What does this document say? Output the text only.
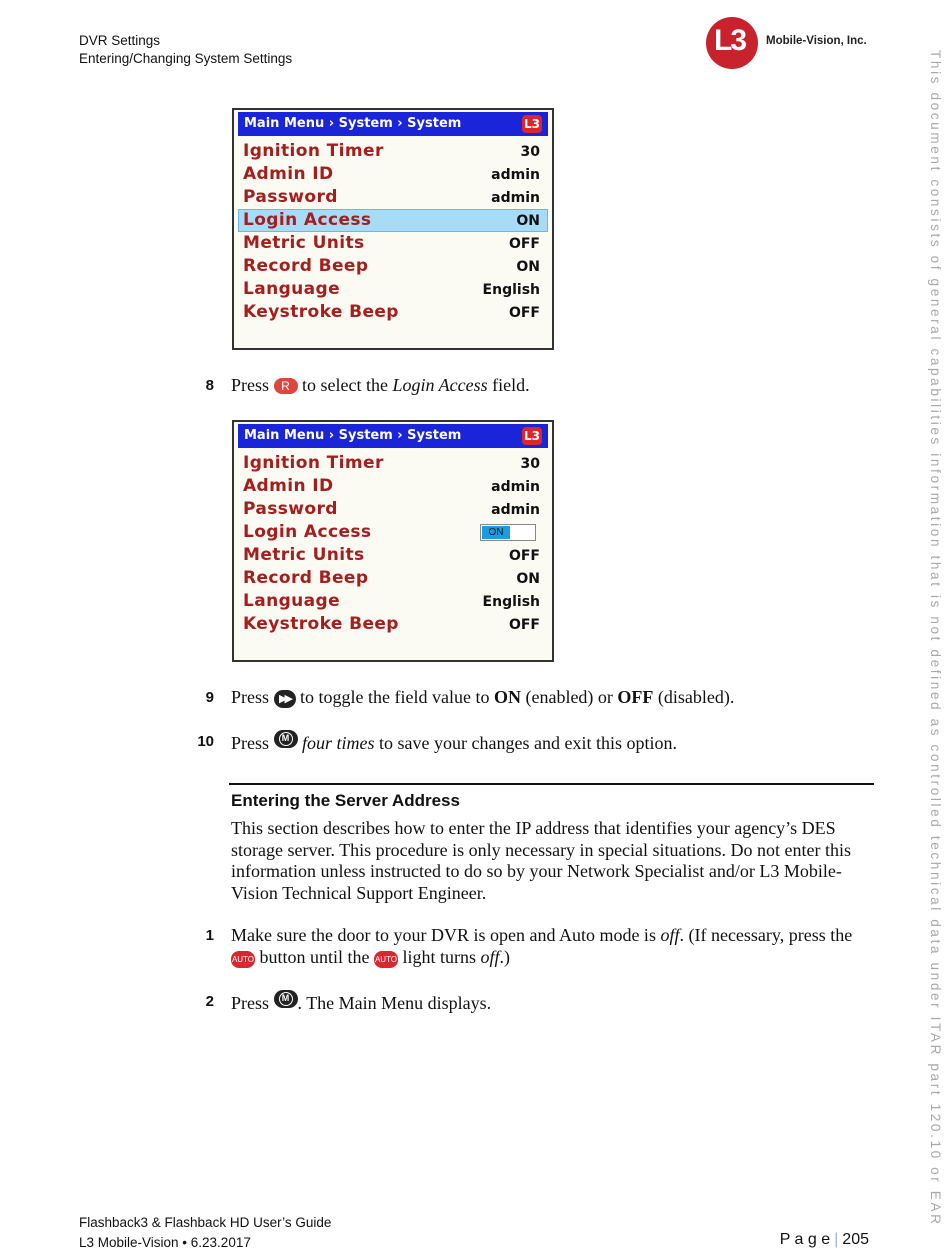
DVR Settings
Entering/Changing System Settings
L3 Mobile-Vision, Inc.
This document consists of general capabilities information that is not defined as controlled technical data under ITAR part 120.10 or EAR
Main Menu › System › System	L3
Ignition Timer	30
Admin ID	admin
Password	admin
Login Access	ON
Metric Units	OFF
Record Beep	ON
Language	English
Keystroke Beep	OFF
8 Press R to select the Login Access field.
Main Menu › System › System	L3
Ignition Timer	30
Admin ID	admin
Password	admin
Login Access	ON
Metric Units	OFF
Record Beep	ON
Language	English
Keystroke Beep	OFF
9 Press ▶▶ to toggle the field value to ON (enabled) or OFF (disabled).
10 Press M four times to save your changes and exit this option.
Entering the Server Address
This section describes how to enter the IP address that identifies your agency’s DES storage server. This procedure is only necessary in special situations. Do not enter this information unless instructed to do so by your Network Specialist and/or L3 Mobile-Vision Technical Support Engineer.
1 Make sure the door to your DVR is open and Auto mode is off. (If necessary, press the AUTO button until the AUTO light turns off.)
2 Press M . The Main Menu displays.
Flashback3 & Flashback HD User’s Guide
L3 Mobile-Vision • 6.23.2017	P a g e | 205
